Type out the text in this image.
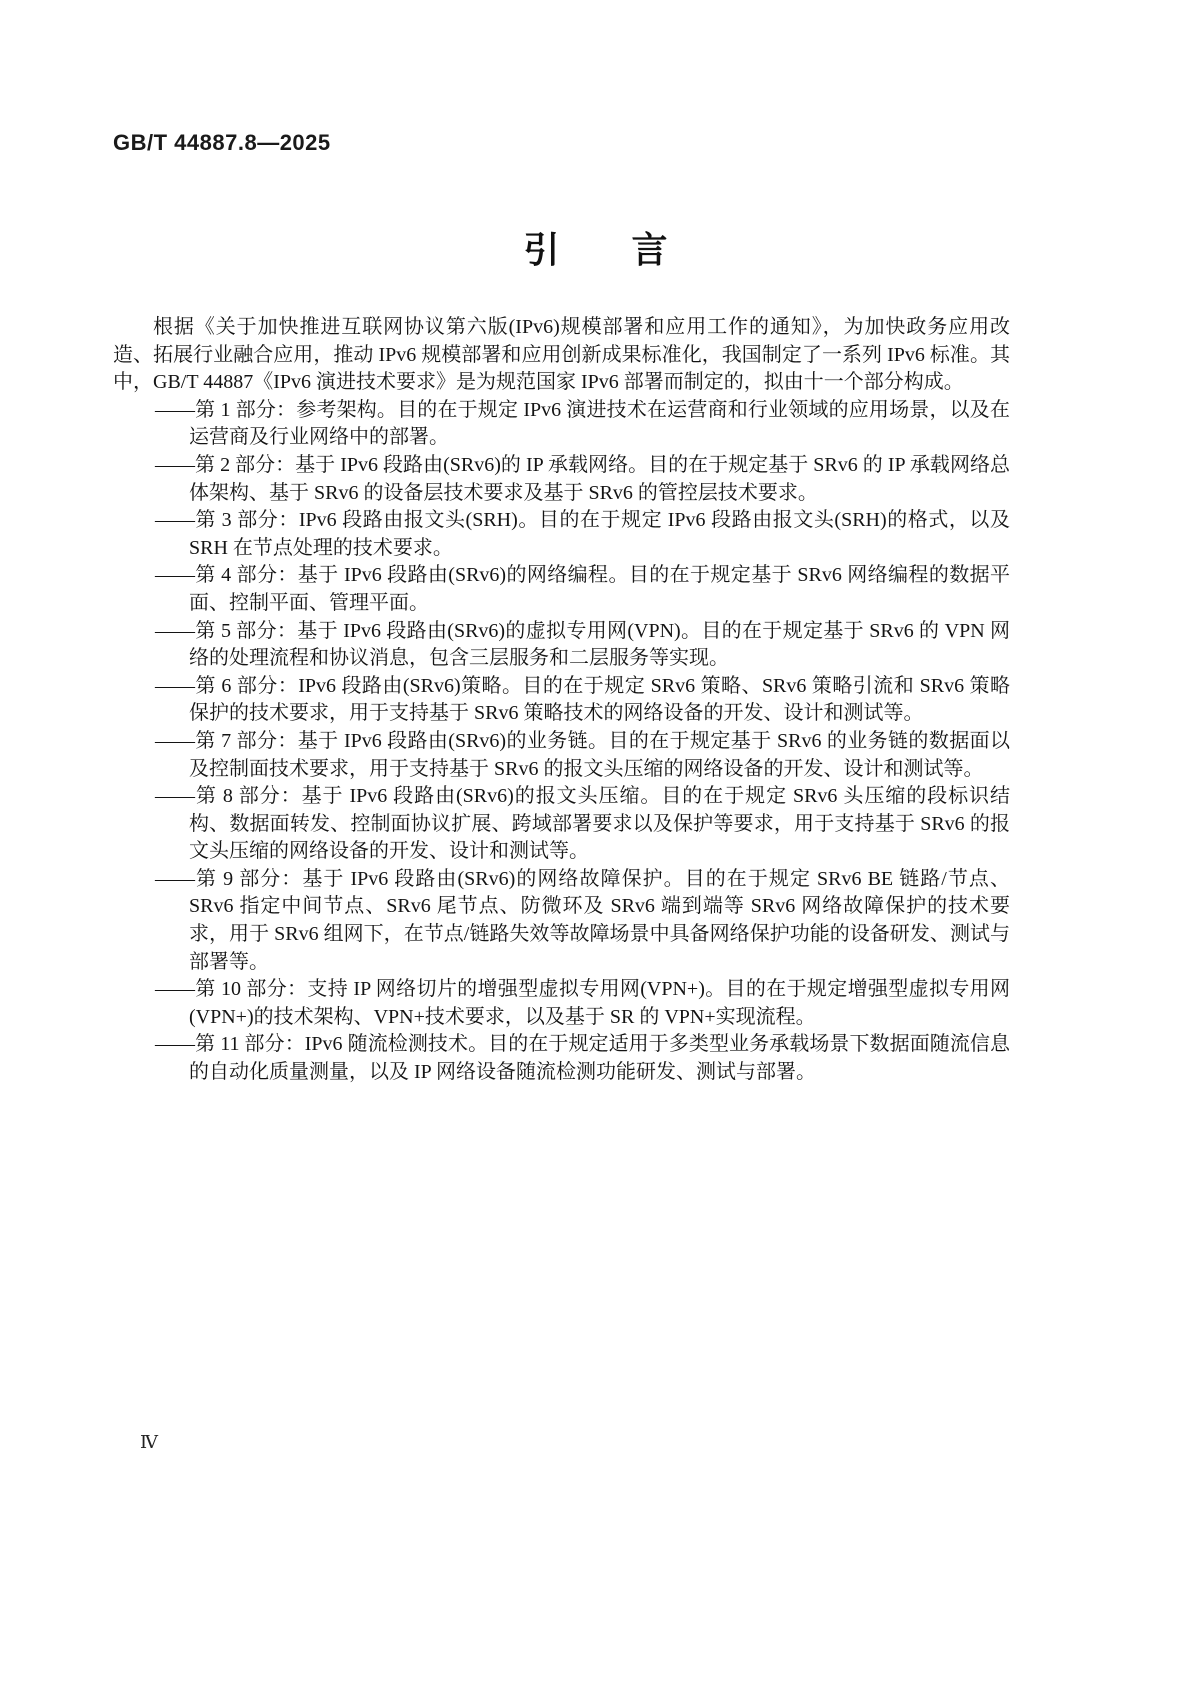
GB/T 44887.8—2025
引　　言

根据《关于加快推进互联网协议第六版(IPv6)规模部署和应用工作的通知》，为加快政务应用改造、拓展行业融合应用，推动 IPv6 规模部署和应用创新成果标准化，我国制定了一系列 IPv6 标准。其中，GB/T 44887《IPv6 演进技术要求》是为规范国家 IPv6 部署而制定的，拟由十一个部分构成。

——第 1 部分：参考架构。目的在于规定 IPv6 演进技术在运营商和行业领域的应用场景，以及在运营商及行业网络中的部署。

——第 2 部分：基于 IPv6 段路由(SRv6)的 IP 承载网络。目的在于规定基于 SRv6 的 IP 承载网络总体架构、基于 SRv6 的设备层技术要求及基于 SRv6 的管控层技术要求。

——第 3 部分：IPv6 段路由报文头(SRH)。目的在于规定 IPv6 段路由报文头(SRH)的格式，以及 SRH 在节点处理的技术要求。

——第 4 部分：基于 IPv6 段路由(SRv6)的网络编程。目的在于规定基于 SRv6 网络编程的数据平面、控制平面、管理平面。

——第 5 部分：基于 IPv6 段路由(SRv6)的虚拟专用网(VPN)。目的在于规定基于 SRv6 的 VPN 网络的处理流程和协议消息，包含三层服务和二层服务等实现。

——第 6 部分：IPv6 段路由(SRv6)策略。目的在于规定 SRv6 策略、SRv6 策略引流和 SRv6 策略保护的技术要求，用于支持基于 SRv6 策略技术的网络设备的开发、设计和测试等。

——第 7 部分：基于 IPv6 段路由(SRv6)的业务链。目的在于规定基于 SRv6 的业务链的数据面以及控制面技术要求，用于支持基于 SRv6 的报文头压缩的网络设备的开发、设计和测试等。

——第 8 部分：基于 IPv6 段路由(SRv6)的报文头压缩。目的在于规定 SRv6 头压缩的段标识结构、数据面转发、控制面协议扩展、跨域部署要求以及保护等要求，用于支持基于 SRv6 的报文头压缩的网络设备的开发、设计和测试等。

——第 9 部分：基于 IPv6 段路由(SRv6)的网络故障保护。目的在于规定 SRv6 BE 链路/节点、SRv6 指定中间节点、SRv6 尾节点、防微环及 SRv6 端到端等 SRv6 网络故障保护的技术要求，用于 SRv6 组网下，在节点/链路失效等故障场景中具备网络保护功能的设备研发、测试与部署等。

——第 10 部分：支持 IP 网络切片的增强型虚拟专用网(VPN+)。目的在于规定增强型虚拟专用网(VPN+)的技术架构、VPN+技术要求，以及基于 SR 的 VPN+实现流程。

——第 11 部分：IPv6 随流检测技术。目的在于规定适用于多类型业务承载场景下数据面随流信息的自动化质量测量，以及 IP 网络设备随流检测功能研发、测试与部署。

Ⅳ
